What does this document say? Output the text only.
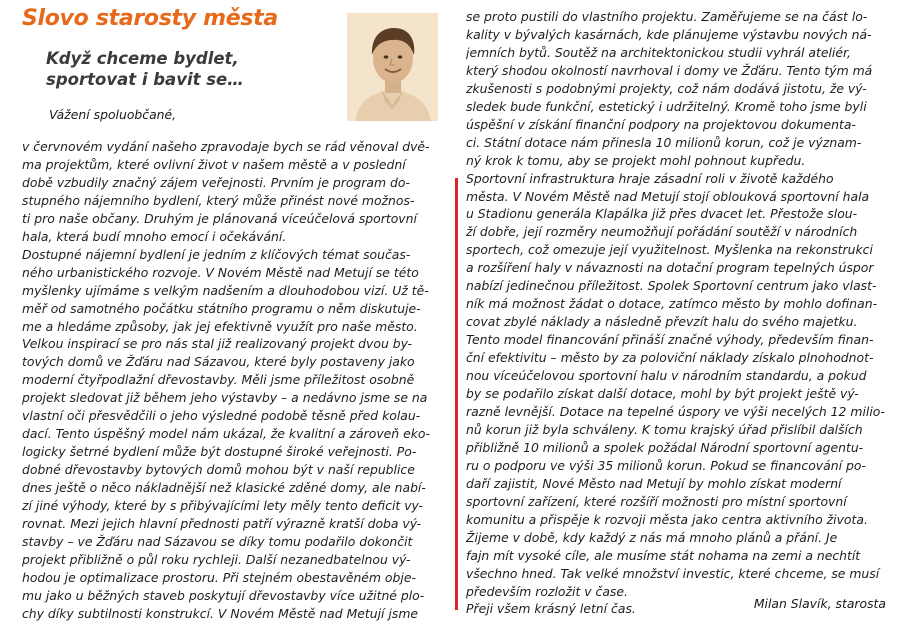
Slovo starosty města
Když chceme bydlet,
sportovat i bavit se…
Vážení spoluobčané,
v červnovém vydání našeho zpravodaje bych se rád věnoval dvě-
ma projektům, které ovlivní život v našem městě a v poslední
době vzbudily značný zájem veřejnosti. Prvním je program do-
stupného nájemního bydlení, který může přinést nové možnos-
ti pro naše občany. Druhým je plánovaná víceúčelová sportovní
hala, která budí mnoho emocí i očekávání.
Dostupné nájemní bydlení je jedním z klíčových témat součas-
ného urbanistického rozvoje. V Novém Městě nad Metují se této
myšlenky ujímáme s velkým nadšením a dlouhodobou vizí. Už tě-
měř od samotného počátku státního programu o něm diskutuje-
me a hledáme způsoby, jak jej efektivně využít pro naše město.
Velkou inspirací se pro nás stal již realizovaný projekt dvou by-
tových domů ve Žďáru nad Sázavou, které byly postaveny jako
moderní čtyřpodlažní dřevostavby. Měli jsme příležitost osobně
projekt sledovat již během jeho výstavby – a nedávno jsme se na
vlastní oči přesvědčili o jeho výsledné podobě těsně před kolau-
dací. Tento úspěšný model nám ukázal, že kvalitní a zároveň eko-
logicky šetrné bydlení může být dostupné široké veřejnosti. Po-
dobné dřevostavby bytových domů mohou být v naší republice
dnes ještě o něco nákladnější než klasické zděné domy, ale nabí-
zí jiné výhody, které by s přibývajícími lety měly tento deficit vy-
rovnat. Mezi jejich hlavní přednosti patří výrazně kratší doba vý-
stavby – ve Žďáru nad Sázavou se díky tomu podařilo dokončit
projekt přibližně o půl roku rychleji. Další nezanedbatelnou vý-
hodou je optimalizace prostoru. Při stejném obestavěném obje-
mu jako u běžných staveb poskytují dřevostavby více užitné plo-
chy díky subtilnosti konstrukcí. V Novém Městě nad Metují jsme
se proto pustili do vlastního projektu. Zaměřujeme se na část lo-
kality v bývalých kasárnách, kde plánujeme výstavbu nových ná-
jemních bytů. Soutěž na architektonickou studii vyhrál ateliér,
který shodou okolností navrhoval i domy ve Žďáru. Tento tým má
zkušenosti s podobnými projekty, což nám dodává jistotu, že vý-
sledek bude funkční, estetický i udržitelný. Kromě toho jsme byli
úspěšní v získání finanční podpory na projektovou dokumenta-
ci. Státní dotace nám přinesla 10 milionů korun, což je význam-
ný krok k tomu, aby se projekt mohl pohnout kupředu.
Sportovní infrastruktura hraje zásadní roli v životě každého
města. V Novém Městě nad Metují stojí oblouková sportovní hala
u Stadionu generála Klapálka již přes dvacet let. Přestože slou-
ží dobře, její rozměry neumožňují pořádání soutěží v národních
sportech, což omezuje její využitelnost. Myšlenka na rekonstrukci
a rozšíření haly v návaznosti na dotační program tepelných úspor
nabízí jedinečnou příležitost. Spolek Sportovní centrum jako vlast-
ník má možnost žádat o dotace, zatímco město by mohlo dofinan-
covat zbylé náklady a následně převzít halu do svého majetku.
Tento model financování přináší značné výhody, především finan-
ční efektivitu – město by za poloviční náklady získalo plnohodnot-
nou víceúčelovou sportovní halu v národním standardu, a pokud
by se podařilo získat další dotace, mohl by být projekt ještě vý-
razně levnější. Dotace na tepelné úspory ve výši necelých 12 milio-
nů korun již byla schváleny. K tomu krajský úřad přislíbil dalších
přibližně 10 milionů a spolek požádal Národní sportovní agentu-
ru o podporu ve výši 35 milionů korun. Pokud se financování po-
daří zajistit, Nové Město nad Metují by mohlo získat moderní
sportovní zařízení, které rozšíří možnosti pro místní sportovní
komunitu a přispěje k rozvoji města jako centra aktivního života.
Žijeme v době, kdy každý z nás má mnoho plánů a přání. Je
fajn mít vysoké cíle, ale musíme stát nohama na zemi a nechtít
všechno hned. Tak velké množství investic, které chceme, se musí
především rozložit v čase.
Přeji všem krásný letní čas.	Milan Slavík, starosta
